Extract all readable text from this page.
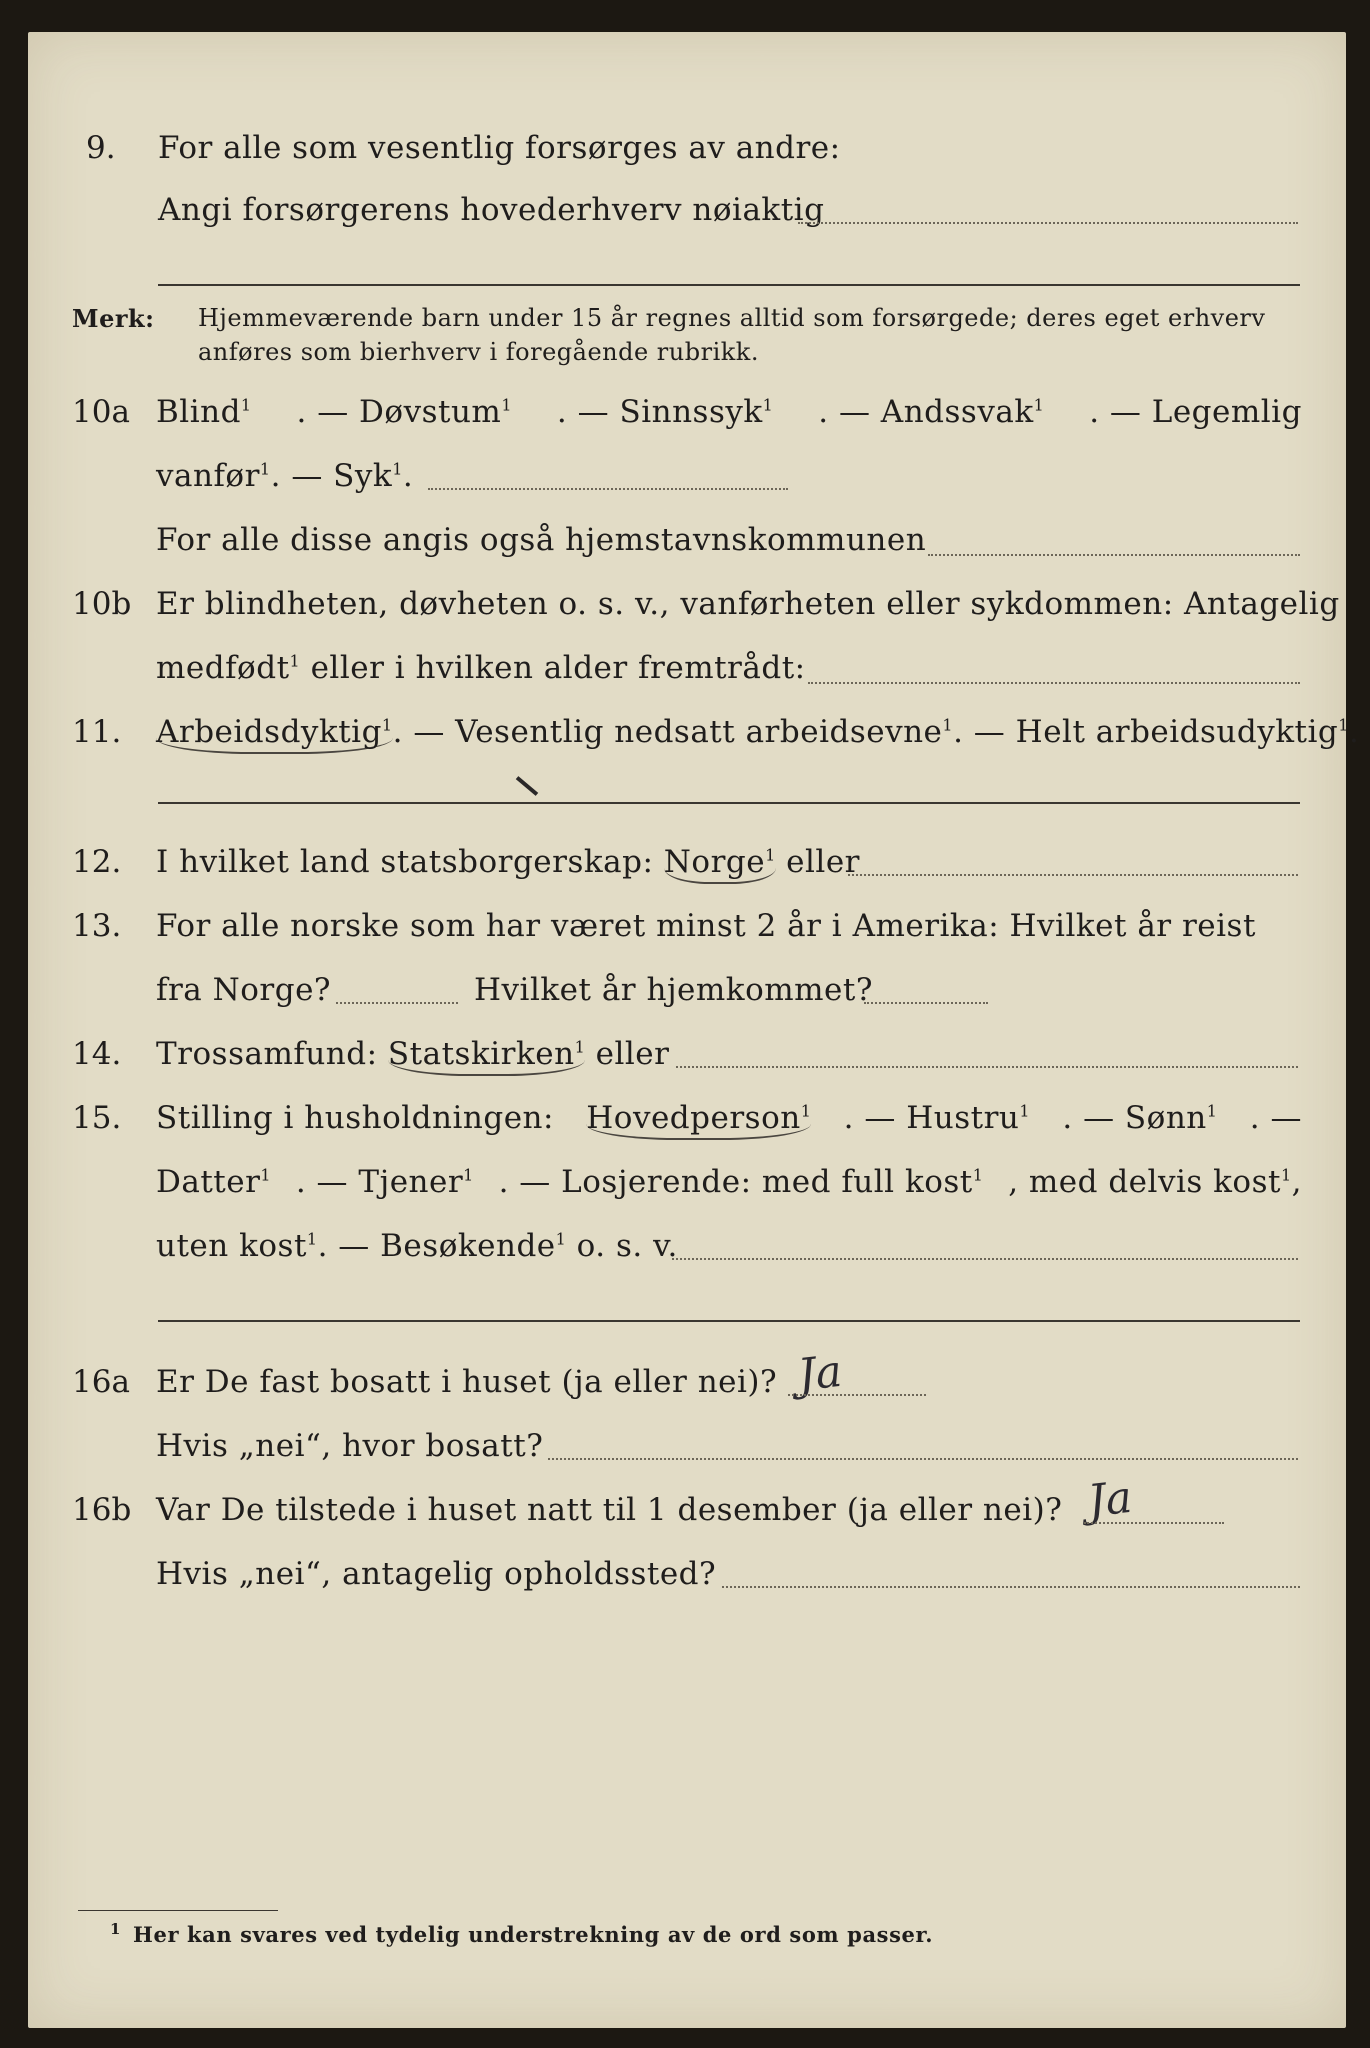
9. For alle som vesentlig forsørges av andre:
Angi forsørgerens hovederhverv nøiaktig
Merk: Hjemmeværende barn under 15 år regnes alltid som forsørgede; deres eget erhverv
anføres som bierhverv i foregående rubrikk.
10a Blind$^1$ . — Døvstum$^1$ . — Sinnssyk$^1$ . — Andssvak$^1$ . — Legemlig
vanfør$^1$. — Syk$^1$.
For alle disse angis også hjemstavnskommunen
10b Er blindheten, døvheten o. s. v., vanførheten eller sykdommen: Antagelig
medfødt$^1$ eller i hvilken alder fremtrådt:
11. Arbeidsdyktig$^1$. — Vesentlig nedsatt arbeidsevne$^1$. — Helt arbeidsudyktig$^1$.
12. I hvilket land statsborgerskap: Norge$^1$ eller
13. For alle norske som har været minst 2 år i Amerika: Hvilket år reist
fra Norge?	Hvilket år hjemkommet?
14. Trossamfund: Statskirken$^1$ eller
15. Stilling i husholdningen: Hovedperson$^1$ . — Hustru$^1$ . — Sønn$^1$ . —
Datter$^1$ . — Tjener$^1$ . — Losjerende: med full kost$^1$ , med delvis kost$^1$,
uten kost$^1$. — Besøkende$^1$ o. s. v.
16a Er De fast bosatt i huset (ja eller nei)? Ja
Hvis „nei“, hvor bosatt?
16b Var De tilstede i huset natt til 1 desember (ja eller nei)? Ja
Hvis „nei“, antagelig opholdssted?
$^1$ Her kan svares ved tydelig understrekning av de ord som passer.
